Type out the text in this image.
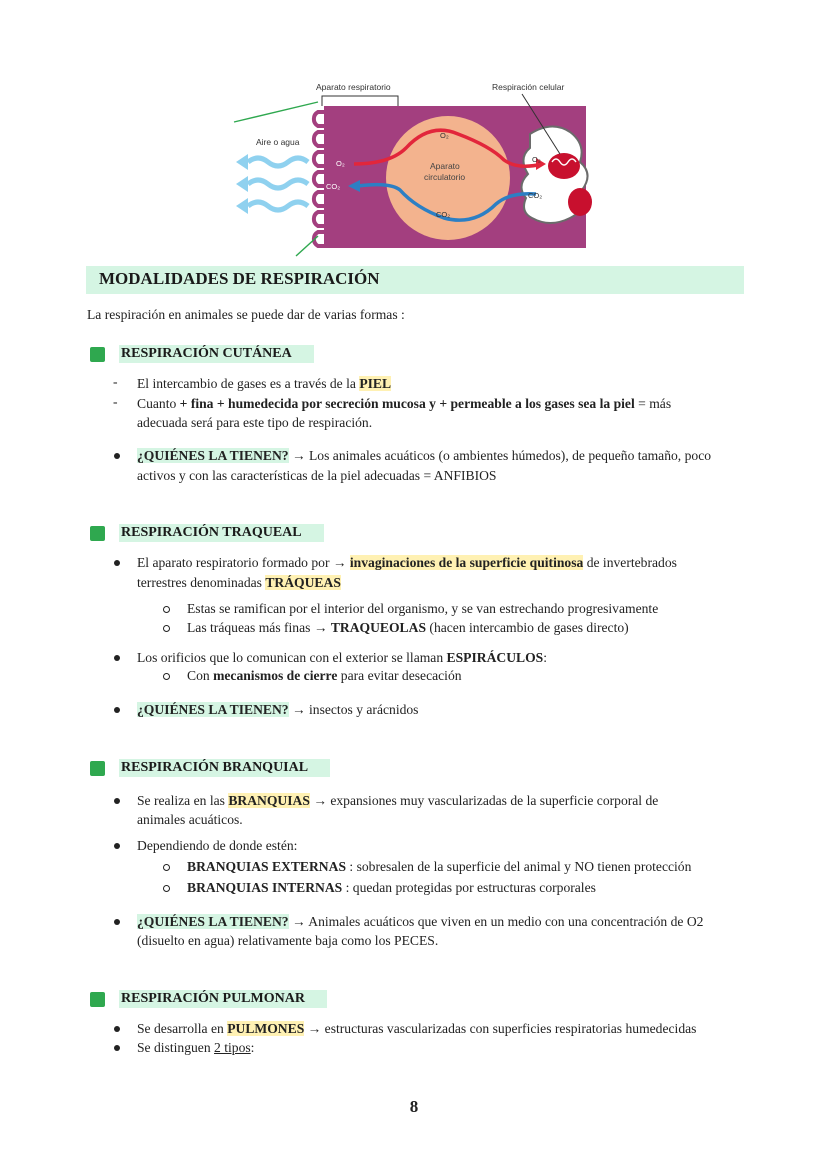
Aparato respiratorio	Respiración celular
Aire o agua
Aparato
circulatorio
O₂
O₂	O₂
CO₂
CO₂
CO₂
MODALIDADES DE RESPIRACIÓN
La respiración en animales se puede dar de varias formas :
RESPIRACIÓN CUTÁNEA
- El intercambio de gases es a través de la PIEL
- Cuanto + fina + humedecida por secreción mucosa y + permeable a los gases sea la piel = más
adecuada será para este tipo de respiración.
¿QUIÉNES LA TIENEN? → Los animales acuáticos (o ambientes húmedos), de pequeño tamaño, poco
activos y con las características de la piel adecuadas = ANFIBIOS
RESPIRACIÓN TRAQUEAL
El aparato respiratorio formado por → invaginaciones de la superficie quitinosa de invertebrados
terrestres denominadas TRÁQUEAS
Estas se ramifican por el interior del organismo, y se van estrechando progresivamente
Las tráqueas más finas → TRAQUEOLAS (hacen intercambio de gases directo)
Los orificios que lo comunican con el exterior se llaman ESPIRÁCULOS:
Con mecanismos de cierre para evitar desecación
¿QUIÉNES LA TIENEN? → insectos y arácnidos
RESPIRACIÓN BRANQUIAL
Se realiza en las BRANQUIAS → expansiones muy vascularizadas de la superficie corporal de
animales acuáticos.
Dependiendo de donde estén:
BRANQUIAS EXTERNAS : sobresalen de la superficie del animal y NO tienen protección
BRANQUIAS INTERNAS : quedan protegidas por estructuras corporales
¿QUIÉNES LA TIENEN? → Animales acuáticos que viven en un medio con una concentración de O2
(disuelto en agua) relativamente baja como los PECES.
RESPIRACIÓN PULMONAR
Se desarrolla en PULMONES → estructuras vascularizadas con superficies respiratorias humedecidas
Se distinguen 2 tipos:
8
